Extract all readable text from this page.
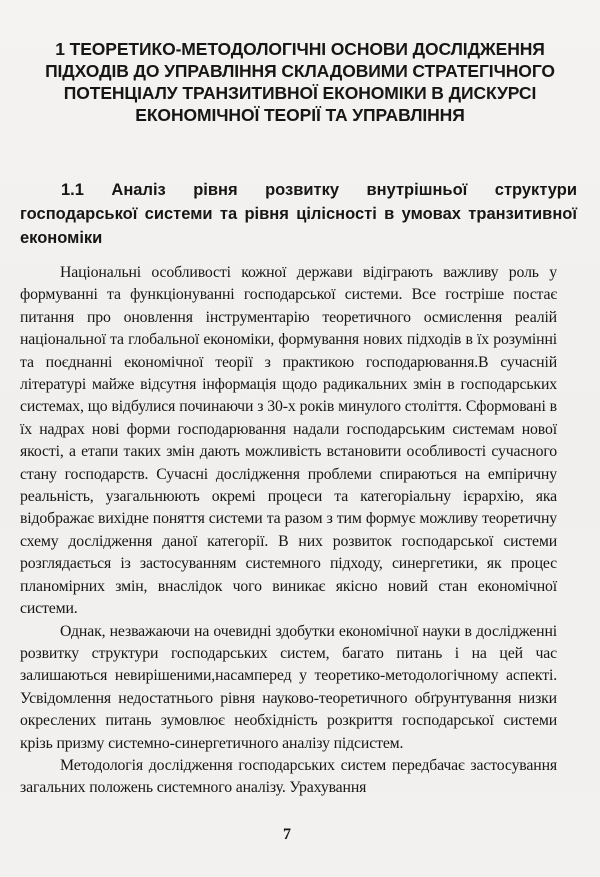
1 ТЕОРЕТИКО-МЕТОДОЛОГІЧНІ ОСНОВИ ДОСЛІДЖЕННЯ ПІДХОДІВ ДО УПРАВЛІННЯ СКЛАДОВИМИ СТРАТЕГІЧНОГО ПОТЕНЦІАЛУ ТРАНЗИТИВНОЇ ЕКОНОМІКИ В ДИСКУРСІ ЕКОНОМІЧНОЇ ТЕОРІЇ ТА УПРАВЛІННЯ
1.1 Аналіз рівня розвитку внутрішньої структури господарської системи та рівня цілісності в умовах транзитивної економіки

Національні особливості кожної держави відіграють важливу роль у формуванні та функціонуванні господарської системи. Все гостріше постає питання про оновлення інструментарію теоретичного осмислення реалій національної та глобальної економіки, формування нових підходів в їх розумінні та поєднанні економічної теорії з практикою господарювання.В сучасній літературі майже відсутня інформація щодо радикальних змін в господарських системах, що відбулися починаючи з 30-х років минулого століття. Сформовані в їх надрах нові форми господарювання надали господарським системам нової якості, а етапи таких змін дають можливість встановити особливості сучасного стану господарств. Сучасні дослідження проблеми спираються на емпіричну реальність, узагальнюють окремі процеси та категоріальну ієрархію, яка відображає вихідне поняття системи та разом з тим формує можливу теоретичну схему дослідження даної категорії. В них розвиток господарської системи розглядається із застосуванням системного підходу, синергетики, як процес планомірних змін, внаслідок чого виникає якісно новий стан економічної системи.

Однак, незважаючи на очевидні здобутки економічної науки в дослідженні розвитку структури господарських систем, багато питань і на цей час залишаються невирішеними,насамперед у теоретико-методологічному аспекті. Усвідомлення недостатнього рівня науково-теоретичного обґрунтування низки окреслених питань зумовлює необхідність розкриття господарської системи крізь призму системно-синергетичного аналізу підсистем.

Методологія дослідження господарських систем передбачає застосування загальних положень системного аналізу. Урахування

7
